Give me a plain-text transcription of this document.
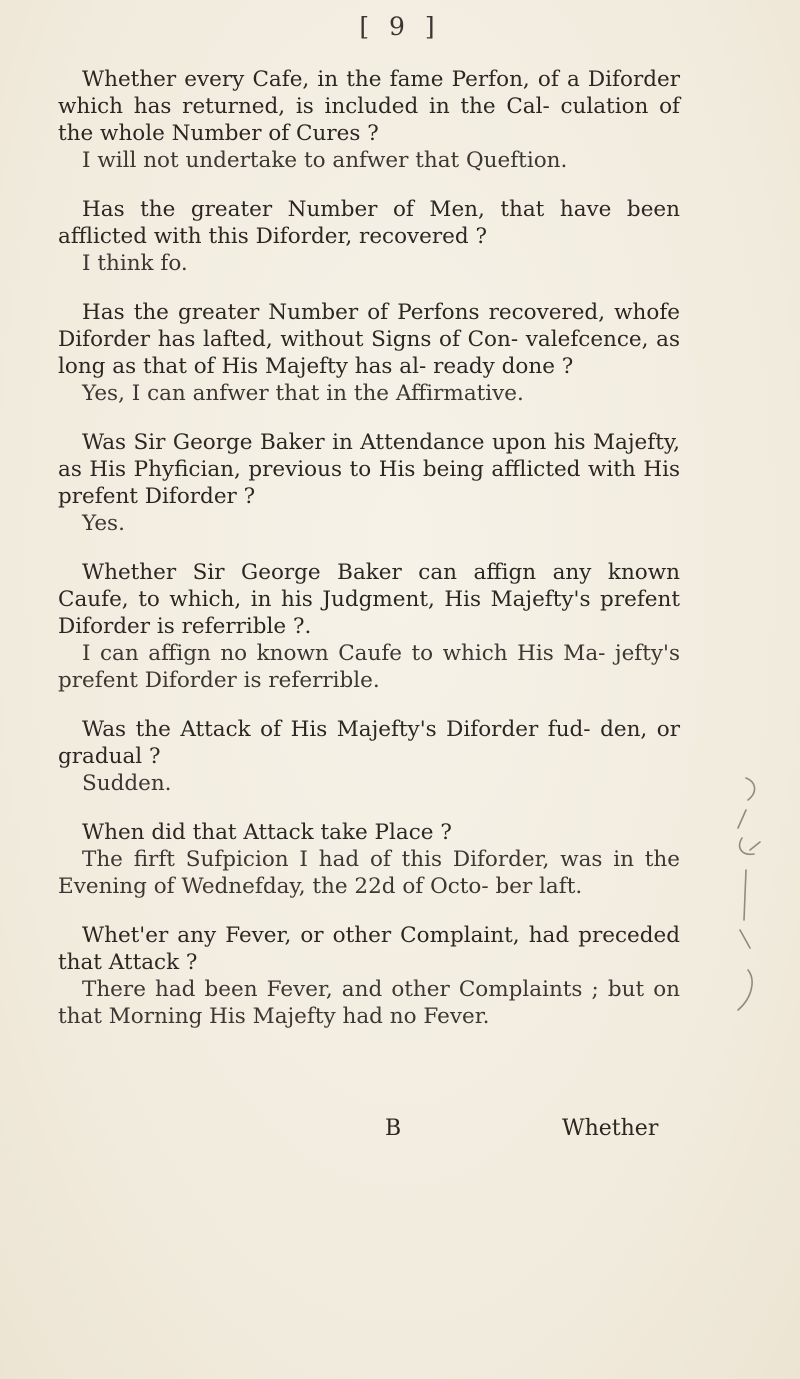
[ 9 ]

Whether every Cafe, in the fame Perfon, of a Diforder which has returned, is included in the Cal- culation of the whole Number of Cures ?

I will not undertake to anfwer that Queftion.

Has the greater Number of Men, that have been afflicted with this Diforder, recovered ?

I think fo.

Has the greater Number of Perfons recovered, whofe Diforder has lafted, without Signs of Con- valefcence, as long as that of His Majefty has al- ready done ?

Yes, I can anfwer that in the Affirmative.

Was Sir George Baker in Attendance upon his Majefty, as His Phyfician, previous to His being afflicted with His prefent Diforder ?

Yes.

Whether Sir George Baker can affign any known Caufe, to which, in his Judgment, His Majefty's prefent Diforder is referrible ?.

I can affign no known Caufe to which His Ma- jefty's prefent Diforder is referrible.

Was the Attack of His Majefty's Diforder fud- den, or gradual ?

Sudden.

When did that Attack take Place ?

The firft Sufpicion I had of this Diforder, was in the Evening of Wednefday, the 22d of Octo- ber laft.

Whet'er any Fever, or other Complaint, had preceded that Attack ?

There had been Fever, and other Complaints ; but on that Morning His Majefty had no Fever.

B	Whether
